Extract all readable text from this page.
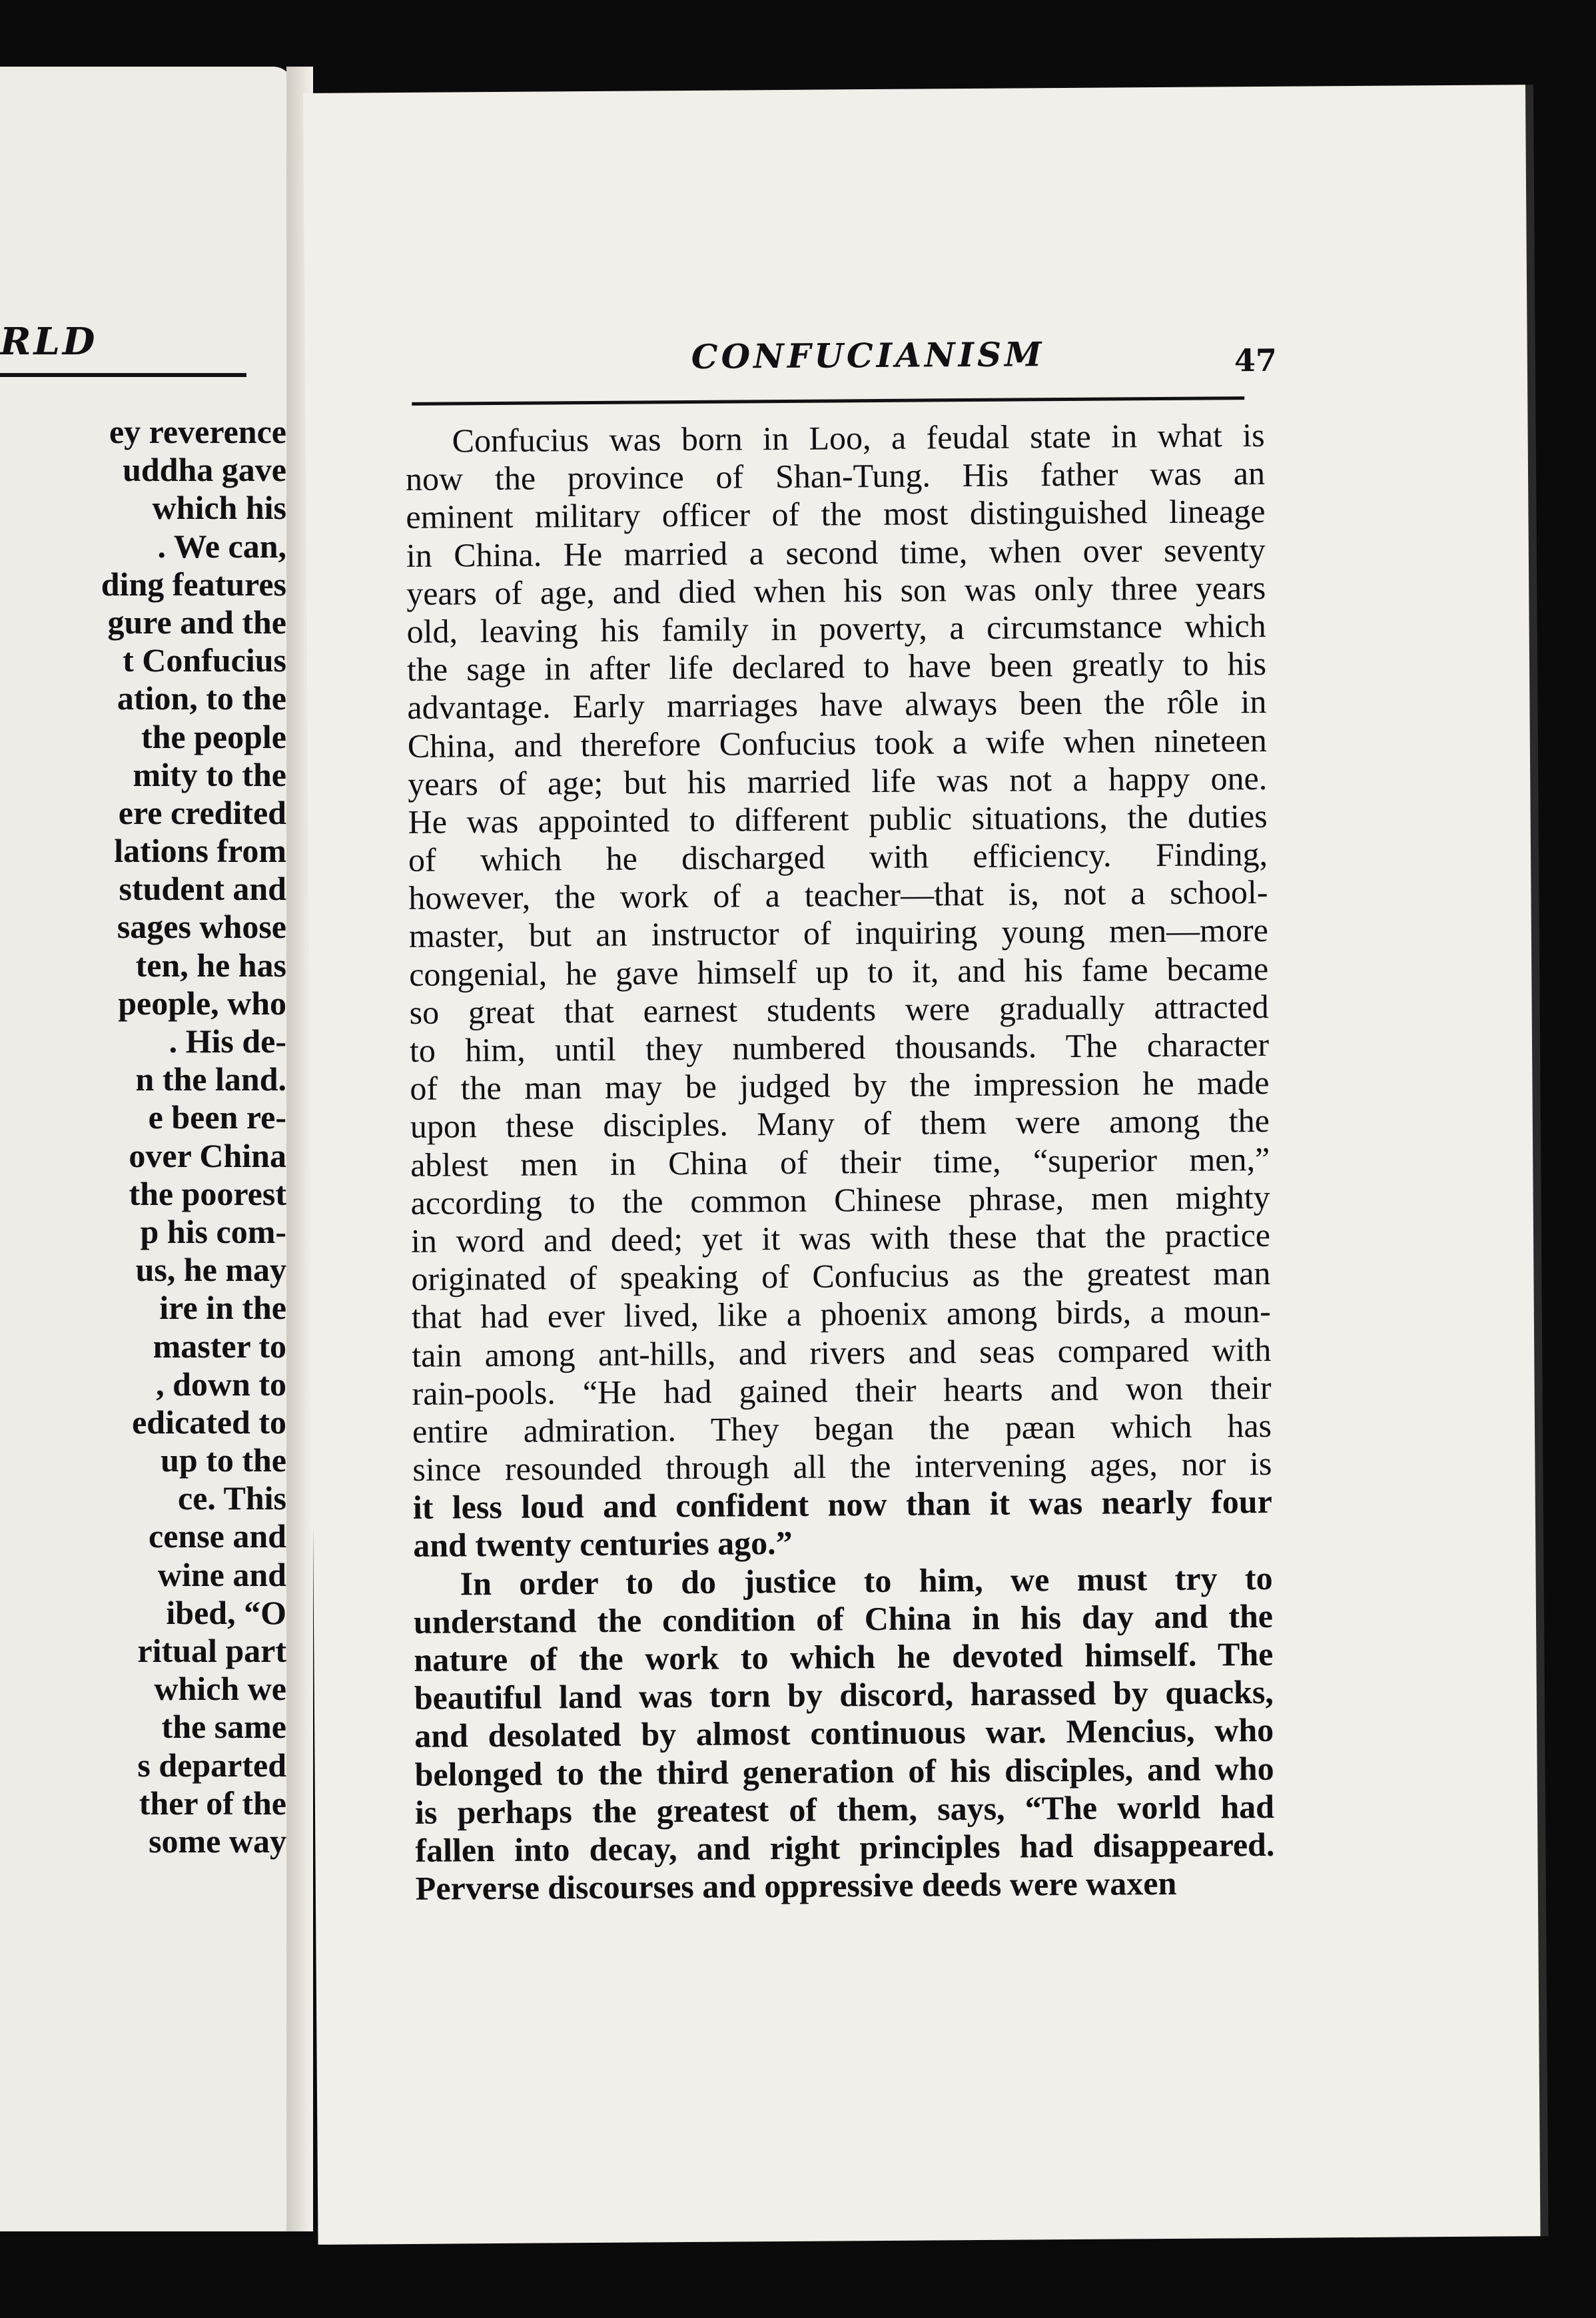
RLD
ey reverence
uddha gave
which his
. We can,
ding features
gure and the
t Confucius
ation, to the
the people
mity to the
ere credited
lations from
student and
sages whose
ten, he has
people, who
. His de-
n the land.
e been re-
over China
the poorest
p his com-
us, he may
ire in the
master to
, down to
edicated to
up to the
ce. This
cense and
wine and
ibed, “O
ritual part
which we
the same
s departed
ther of the
some way
CONFUCIANISM	47
Confucius was born in Loo, a feudal state in what is
now the province of Shan-Tung. His father was an
eminent military officer of the most distinguished lineage
in China. He married a second time, when over seventy
years of age, and died when his son was only three years
old, leaving his family in poverty, a circumstance which
the sage in after life declared to have been greatly to his
advantage. Early marriages have always been the rôle in
China, and therefore Confucius took a wife when nineteen
years of age; but his married life was not a happy one.
He was appointed to different public situations, the duties
of which he discharged with efficiency. Finding,
however, the work of a teacher—that is, not a school-
master, but an instructor of inquiring young men—more
congenial, he gave himself up to it, and his fame became
so great that earnest students were gradually attracted
to him, until they numbered thousands. The character
of the man may be judged by the impression he made
upon these disciples. Many of them were among the
ablest men in China of their time, “superior men,”
according to the common Chinese phrase, men mighty
in word and deed; yet it was with these that the practice
originated of speaking of Confucius as the greatest man
that had ever lived, like a phoenix among birds, a moun-
tain among ant-hills, and rivers and seas compared with
rain-pools. “He had gained their hearts and won their
entire admiration. They began the pæan which has
since resounded through all the intervening ages, nor is
it less loud and confident now than it was nearly four
and twenty centuries ago.”
In order to do justice to him, we must try to
understand the condition of China in his day and the
nature of the work to which he devoted himself. The
beautiful land was torn by discord, harassed by quacks,
and desolated by almost continuous war. Mencius, who
belonged to the third generation of his disciples, and who
is perhaps the greatest of them, says, “The world had
fallen into decay, and right principles had disappeared.
Perverse discourses and oppressive deeds were waxen
